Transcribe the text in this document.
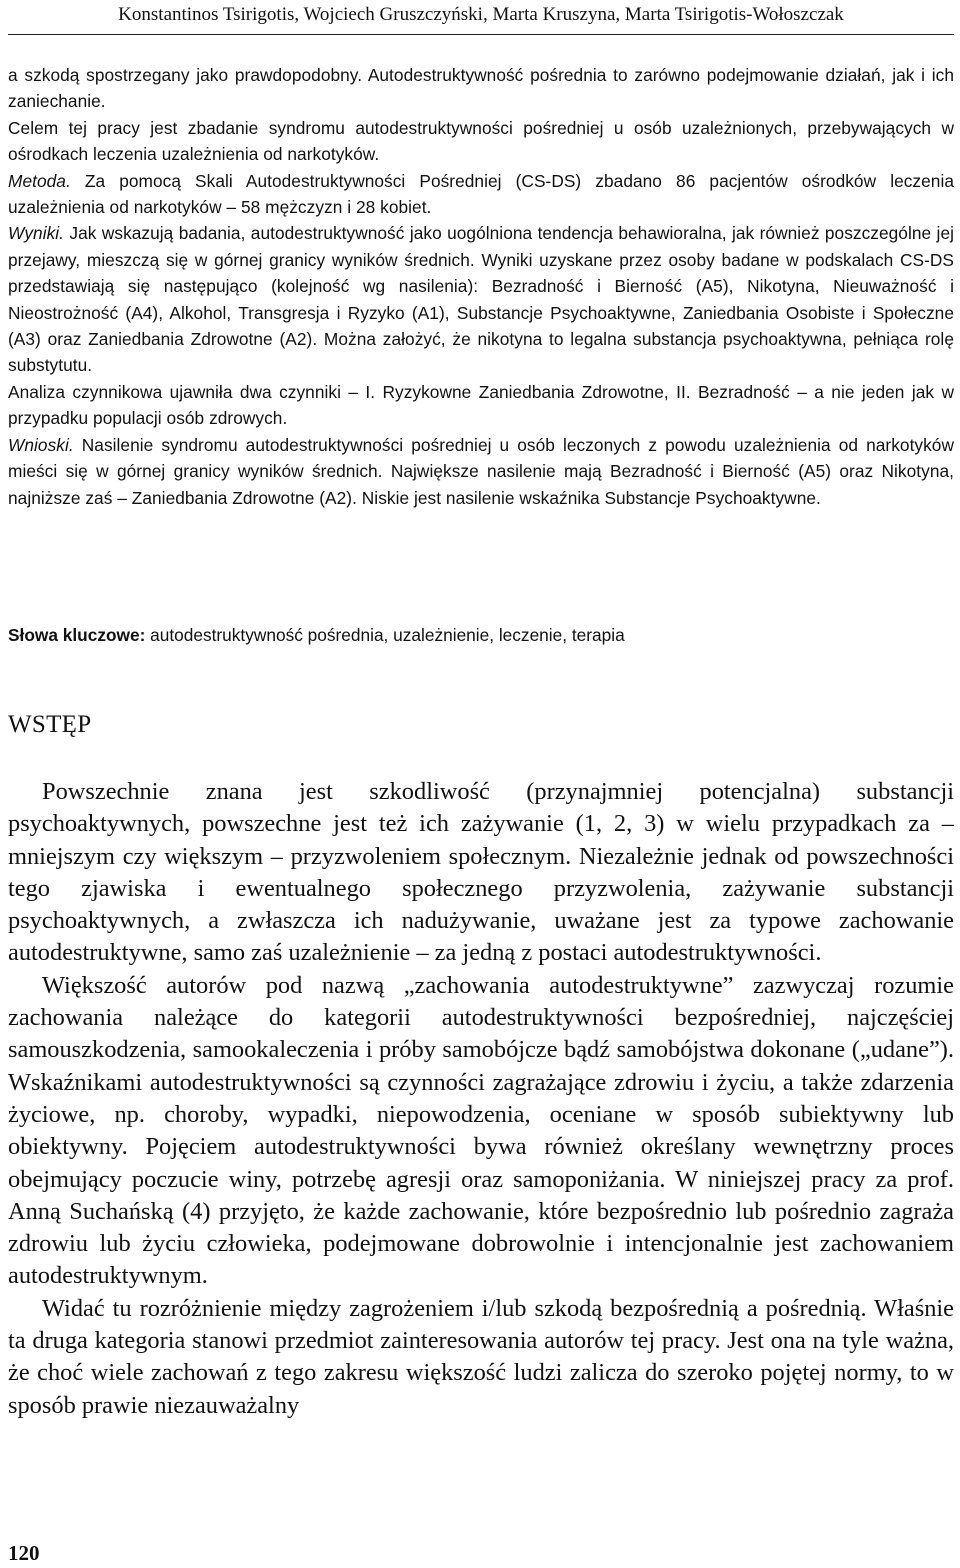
Konstantinos Tsirigotis, Wojciech Gruszczyński, Marta Kruszyna, Marta Tsirigotis-Wołoszczak

a szkodą spostrzegany jako prawdopodobny. Autodestruktywność pośrednia to zarówno podejmowanie działań, jak i ich zaniechanie.

Celem tej pracy jest zbadanie syndromu autodestruktywności pośredniej u osób uzależnionych, przebywających w ośrodkach leczenia uzależnienia od narkotyków.

Metoda. Za pomocą Skali Autodestruktywności Pośredniej (CS-DS) zbadano 86 pacjentów ośrodków leczenia uzależnienia od narkotyków – 58 mężczyzn i 28 kobiet.

Wyniki. Jak wskazują badania, autodestruktywność jako uogólniona tendencja behawioralna, jak również poszczególne jej przejawy, mieszczą się w górnej granicy wyników średnich. Wyniki uzyskane przez osoby badane w podskalach CS-DS przedstawiają się następująco (kolejność wg nasilenia): Bezradność i Bierność (A5), Nikotyna, Nieuważność i Nieostrożność (A4), Alkohol, Transgresja i Ryzyko (A1), Substancje Psychoaktywne, Zaniedbania Osobiste i Społeczne (A3) oraz Zaniedbania Zdrowotne (A2). Można założyć, że nikotyna to legalna substancja psychoaktywna, pełniąca rolę substytutu.

Analiza czynnikowa ujawniła dwa czynniki – I. Ryzykowne Zaniedbania Zdrowotne, II. Bezradność – a nie jeden jak w przypadku populacji osób zdrowych.

Wnioski. Nasilenie syndromu autodestruktywności pośredniej u osób leczonych z powodu uzależnienia od narkotyków mieści się w górnej granicy wyników średnich. Największe nasilenie mają Bezradność i Bierność (A5) oraz Nikotyna, najniższe zaś – Zaniedbania Zdrowotne (A2). Niskie jest nasilenie wskaźnika Substancje Psychoaktywne.

Słowa kluczowe: autodestruktywność pośrednia, uzależnienie, leczenie, terapia
WSTĘP

Powszechnie znana jest szkodliwość (przynajmniej potencjalna) substancji psychoaktywnych, powszechne jest też ich zażywanie (1, 2, 3) w wielu przypadkach za – mniejszym czy większym – przyzwoleniem społecznym. Niezależnie jednak od powszechności tego zjawiska i ewentualnego społecznego przyzwolenia, zażywanie substancji psychoaktywnych, a zwłaszcza ich nadużywanie, uważane jest za typowe zachowanie autodestruktywne, samo zaś uzależnienie – za jedną z postaci autodestruktywności.

Większość autorów pod nazwą „zachowania autodestruktywne” zazwyczaj rozumie zachowania należące do kategorii autodestruktywności bezpośredniej, najczęściej samouszkodzenia, samookaleczenia i próby samobójcze bądź samobójstwa dokonane („udane”). Wskaźnikami autodestruktywności są czynności zagrażające zdrowiu i życiu, a także zdarzenia życiowe, np. choroby, wypadki, niepowodzenia, oceniane w sposób subiektywny lub obiektywny. Pojęciem autodestruktywności bywa również określany wewnętrzny proces obejmujący poczucie winy, potrzebę agresji oraz samoponiżania. W niniejszej pracy za prof. Anną Suchańską (4) przyjęto, że każde zachowanie, które bezpośrednio lub pośrednio zagraża zdrowiu lub życiu człowieka, podejmowane dobrowolnie i intencjonalnie jest zachowaniem autodestruktywnym.

Widać tu rozróżnienie między zagrożeniem i/lub szkodą bezpośrednią a pośrednią. Właśnie ta druga kategoria stanowi przedmiot zainteresowania autorów tej pracy. Jest ona na tyle ważna, że choć wiele zachowań z tego zakresu większość ludzi zalicza do szeroko pojętej normy, to w sposób prawie niezauważalny

120
